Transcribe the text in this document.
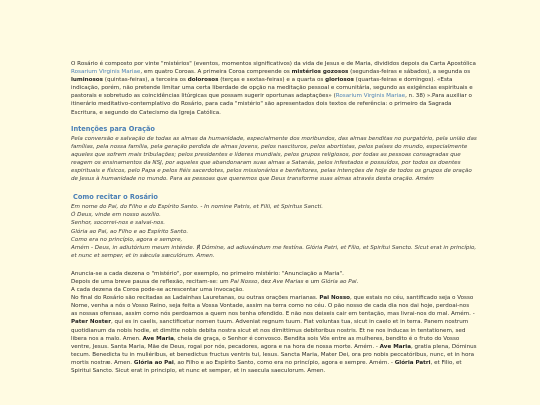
O Rosário é composto por vinte "mistérios" (eventos, momentos significativos) da vida de Jesus e de Maria, divididos depois da Carta Apostólica Rosarium Virginis Mariae, em quatro Coroas. A primeira Coroa compreende os mistérios gozosos (segundas-feiras e sábados), a segunda os luminosos (quintas-feiras), a terceira os dolorosos (terças e sextas-feiras) e a quarta os gloriosos (quartas-feiras e domingos). «Esta indicação, porém, não pretende limitar uma certa liberdade de opção na meditação pessoal e comunitária, segundo as exigências espirituais e pastorais e sobretudo as coincidências litúrgicas que possam sugerir oportunas adaptações» (Rosarium Virginis Mariae, n. 38) ».Para auxiliar o itinerário meditativo-contemplativo do Rosário, para cada "mistério" são apresentados dois textos de referência: o primeiro da Sagrada Escritura, e segundo do Catecismo da Igreja Católica.

Intenções para Oração

Pela conversão e salvação de todas as almas da humanidade, especialmente dos moribundos, das almas benditas no purgatório, pela união das famílias, pela nossa família, pela geração perdida de almas jovens, pelos nascituros, pelos abortistas, pelos países do mundo, especialmente aqueles que sofrem mais tribulações; pelos presidentes e líderes mundiais, pelos grupos religiosos, por todas as pessoas consagradas que reagem os ensinamentos da NSJ, por aqueles que abandonaram suas almas a Satanás, pelos infestados e possuídos, por todos os doentes espirituais e físicos, pelo Papa e pelos fiéis sacerdotes, pelos missionários e benfeitores, pelas intenções de hoje de todos os grupos de oração de Jesus à humanidade no mundo. Para as pessoas que queremos que Deus transforme suas almas através desta oração. Amém

Como recitar o Rosário

Em nome do Pai, do Filho e do Espírito Santo. - In nomine Patris, et Filii, et Spiritus Sancti.

Ó Deus, vinde em nosso auxílio.

Senhor, socorrei-nos e salvai-nos.

Glória ao Pai, ao Filho e ao Espírito Santo.

Como era no princípio, agora e sempre,

Amém - Deus, in adiutórium meum inténde. ℟ Dómine, ad adiuvándum me festína. Glória Patri, et Fílio, et Spirítui Sancto. Sicut erat in princípio, et nunc et semper, et in sǽcula sæculórum. Amen.

Anuncia-se a cada dezena o "mistério", por exemplo, no primeiro mistério: "Anunciação a Maria".

Depois de uma breve pausa de reflexão, recitam-se: um Pai Nosso, dez Ave Marias e um Glória ao Pai.

A cada dezena da Coroa pode-se acrescentar uma invocação.

No final do Rosário são recitadas as Ladainhas Lauretanas, ou outras orações marianas. Pai Nosso, que estais no céu, santificado seja o Vosso Nome, venha a nós o Vosso Reino, seja feita a Vossa Vontade, assim na terra como no céu. O pão nosso de cada dia nos dai hoje, perdoai-nos as nossas ofensas, assim como nós perdoamos a quem nos tenha ofendido. E não nos deixeis cair em tentação, mas livrai-nos do mal. Amém. - Pater Noster, qui es in caelis, sanctificetur nomen tuum. Adveniat regnum tuum. Fiat voluntas tua, sicut in caelo et in terra. Panem nostrum quotidianum da nobis hodie, et dimitte nobis debita nostra sicut et nos dimittimus debitoribus nostris. Et ne nos inducas in tentationem, sed libera nos a malo. Amen. Ave Maria, cheia de graça, o Senhor é convosco. Bendita sois Vós entre as mulheres, bendito é o fruto do Vosso ventre, Jesus. Santa Maria, Mãe de Deus, rogai por nós, pecadores, agora e na hora de nossa morte. Amém. - Ave Maria, gratia plena, Dóminus tecum. Benedicta tu in muliéribus, et benedictus fructus ventris tui, Iesus. Sancta Maria, Mater Dei, ora pro nobis peccatóribus, nunc, et in hora mortis nostræ. Amen. Glória ao Pai, ao Filho e ao Espírito Santo, como era no princípio, agora e sempre. Amém. - Glória Patri, et Filio, et Spiritui Sancto. Sicut erat in principio, et nunc et semper, et in saecula saeculorum. Amen.
